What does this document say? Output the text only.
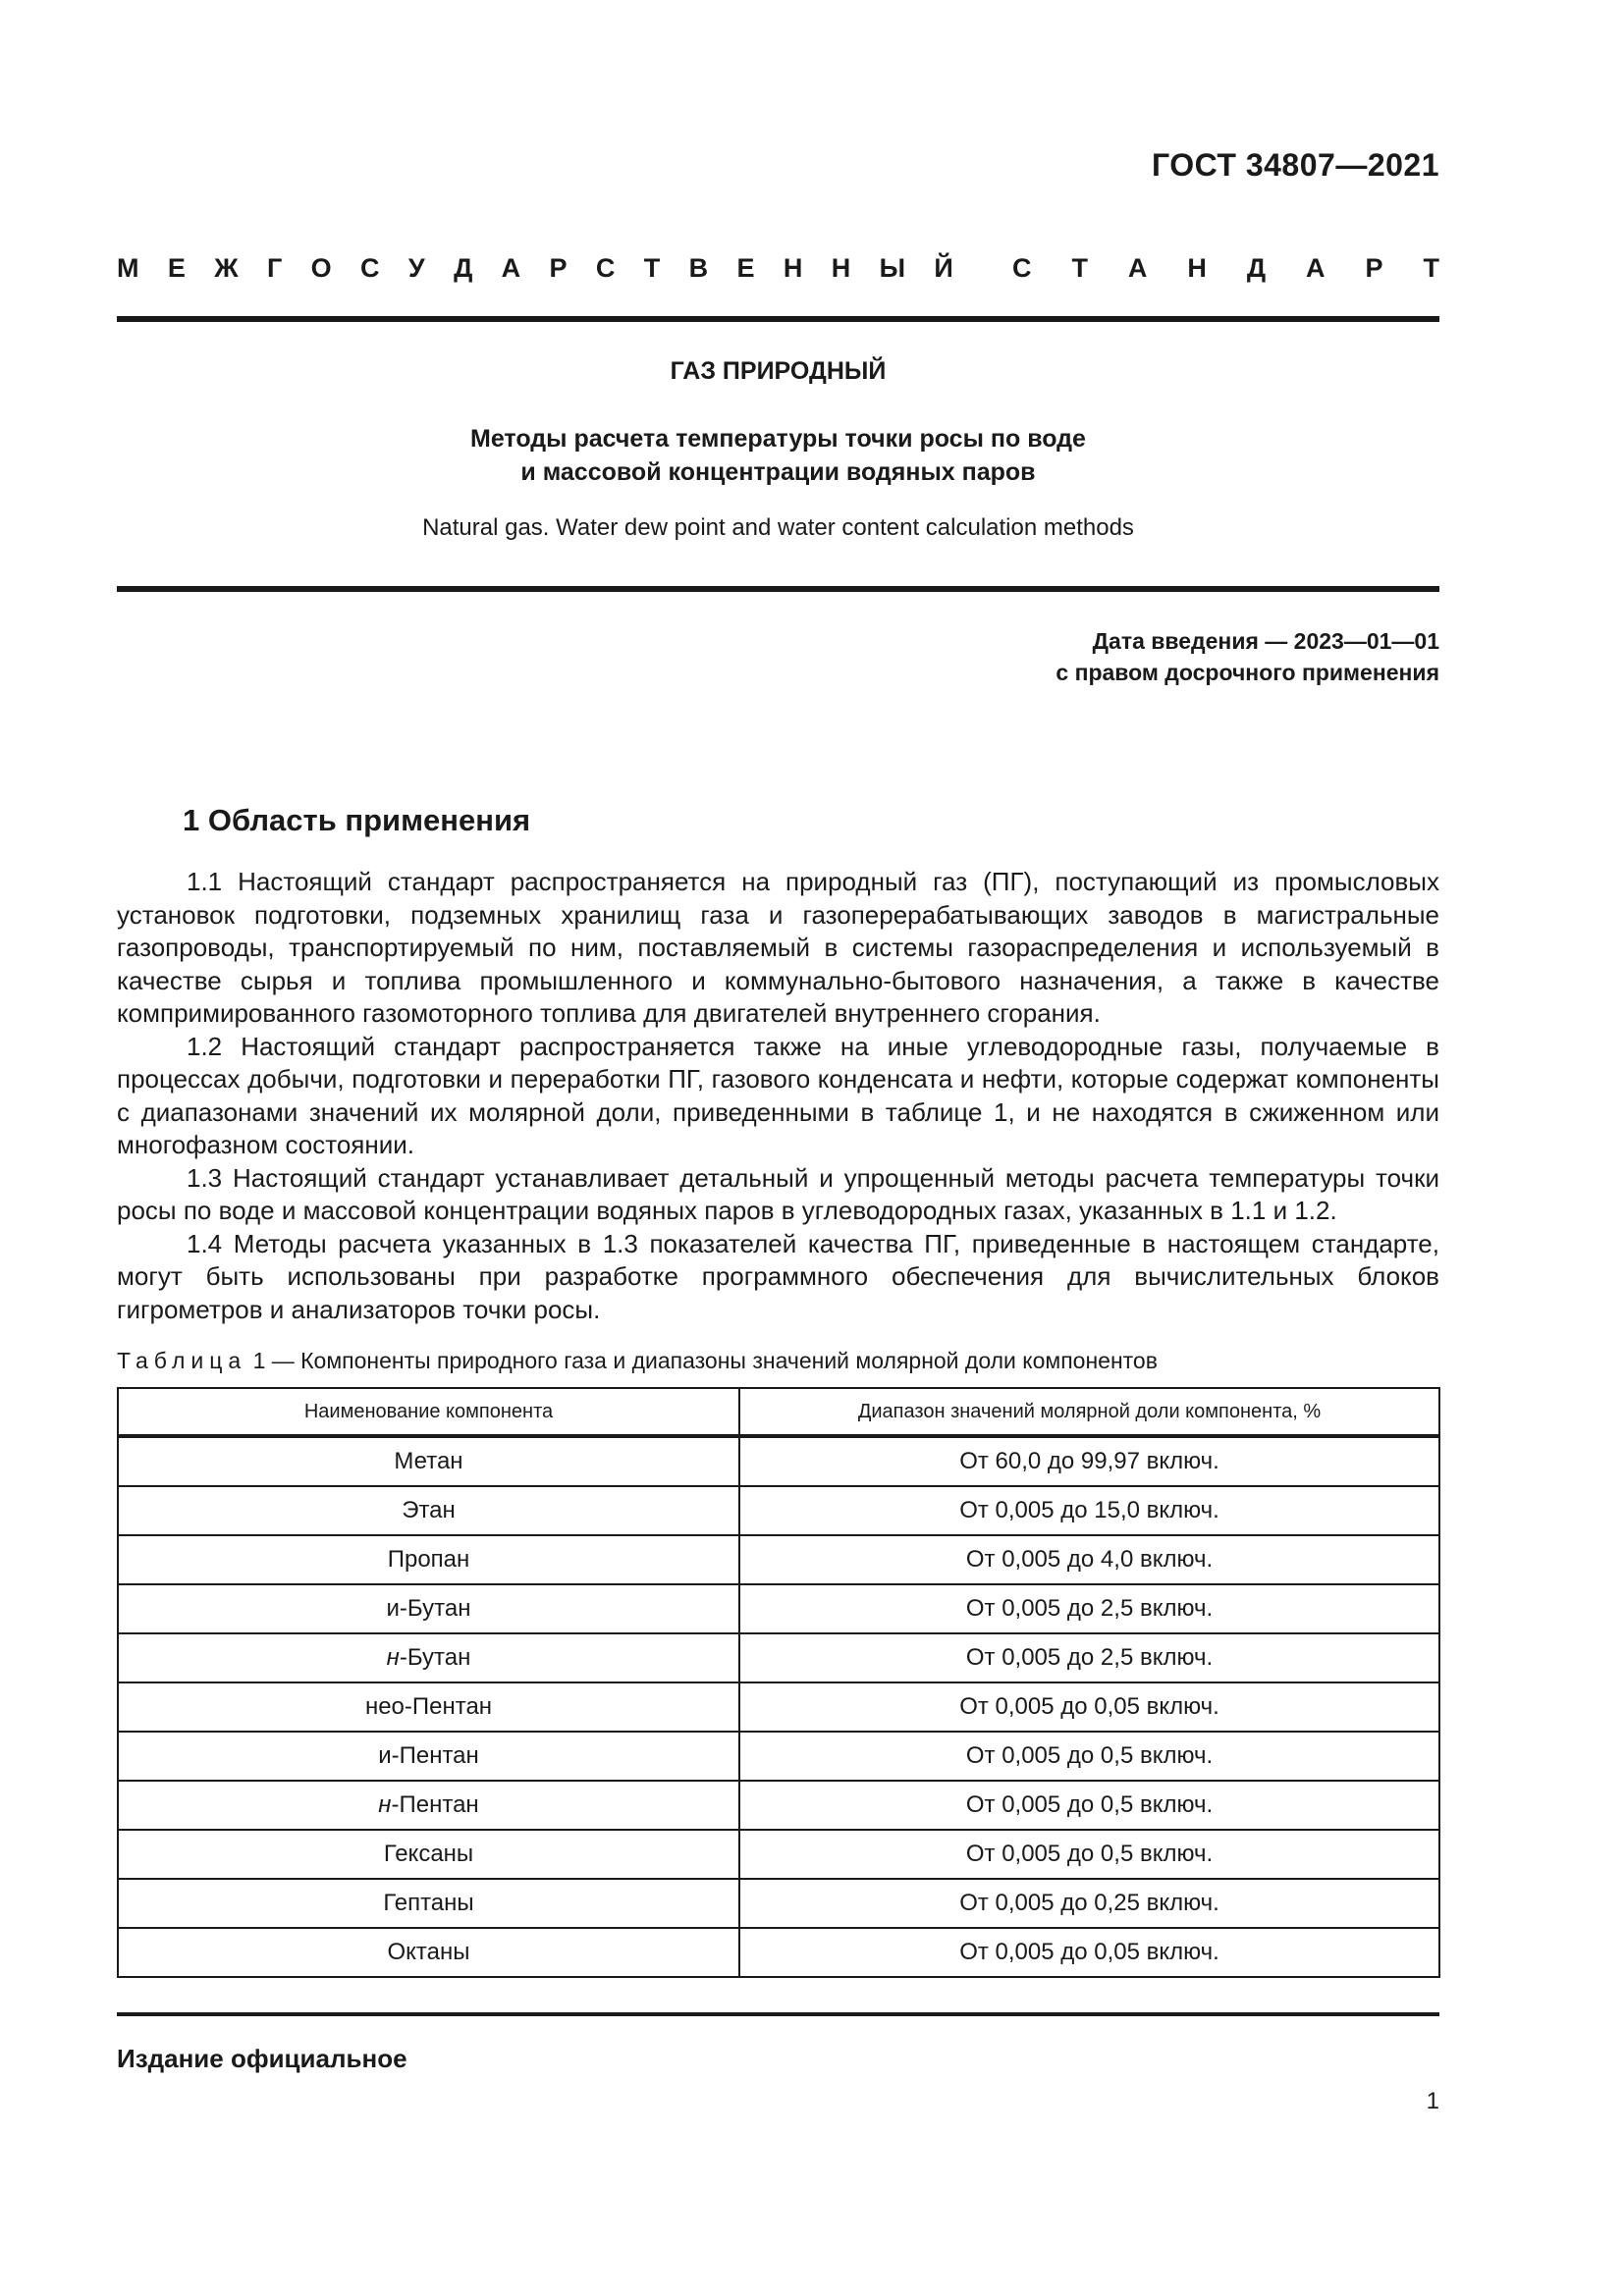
ГОСТ 34807—2021
М Е Ж Г О С У Д А Р С Т В Е Н Н Ы Й С Т А Н Д А Р Т
ГАЗ ПРИРОДНЫЙ
Методы расчета температуры точки росы по воде
и массовой концентрации водяных паров
Natural gas. Water dew point and water content calculation methods
Дата введения — 2023—01—01
с правом досрочного применения
1 Область применения

1.1 Настоящий стандарт распространяется на природный газ (ПГ), поступающий из промысловых установок подготовки, подземных хранилищ газа и газоперерабатывающих заводов в магистральные газопроводы, транспортируемый по ним, поставляемый в системы газораспределения и используемый в качестве сырья и топлива промышленного и коммунально-бытового назначения, а также в качестве компримированного газомоторного топлива для двигателей внутреннего сгорания.

1.2 Настоящий стандарт распространяется также на иные углеводородные газы, получаемые в процессах добычи, подготовки и переработки ПГ, газового конденсата и нефти, которые содержат компоненты с диапазонами значений их молярной доли, приведенными в таблице 1, и не находятся в сжиженном или многофазном состоянии.

1.3 Настоящий стандарт устанавливает детальный и упрощенный методы расчета температуры точки росы по воде и массовой концентрации водяных паров в углеводородных газах, указанных в 1.1 и 1.2.

1.4 Методы расчета указанных в 1.3 показателей качества ПГ, приведенные в настоящем стандарте, могут быть использованы при разработке программного обеспечения для вычислительных блоков гигрометров и анализаторов точки росы.

Таблица 1 — Компоненты природного газа и диапазоны значений молярной доли компонентов
Наименование компонента	Диапазон значений молярной доли компонента, %
Метан	От 60,0 до 99,97 включ.
Этан	От 0,005 до 15,0 включ.
Пропан	От 0,005 до 4,0 включ.
и-Бутан	От 0,005 до 2,5 включ.
н-Бутан	От 0,005 до 2,5 включ.
нео-Пентан	От 0,005 до 0,05 включ.
и-Пентан	От 0,005 до 0,5 включ.
н-Пентан	От 0,005 до 0,5 включ.
Гексаны	От 0,005 до 0,5 включ.
Гептаны	От 0,005 до 0,25 включ.
Октаны	От 0,005 до 0,05 включ.
Издание официальное
1
